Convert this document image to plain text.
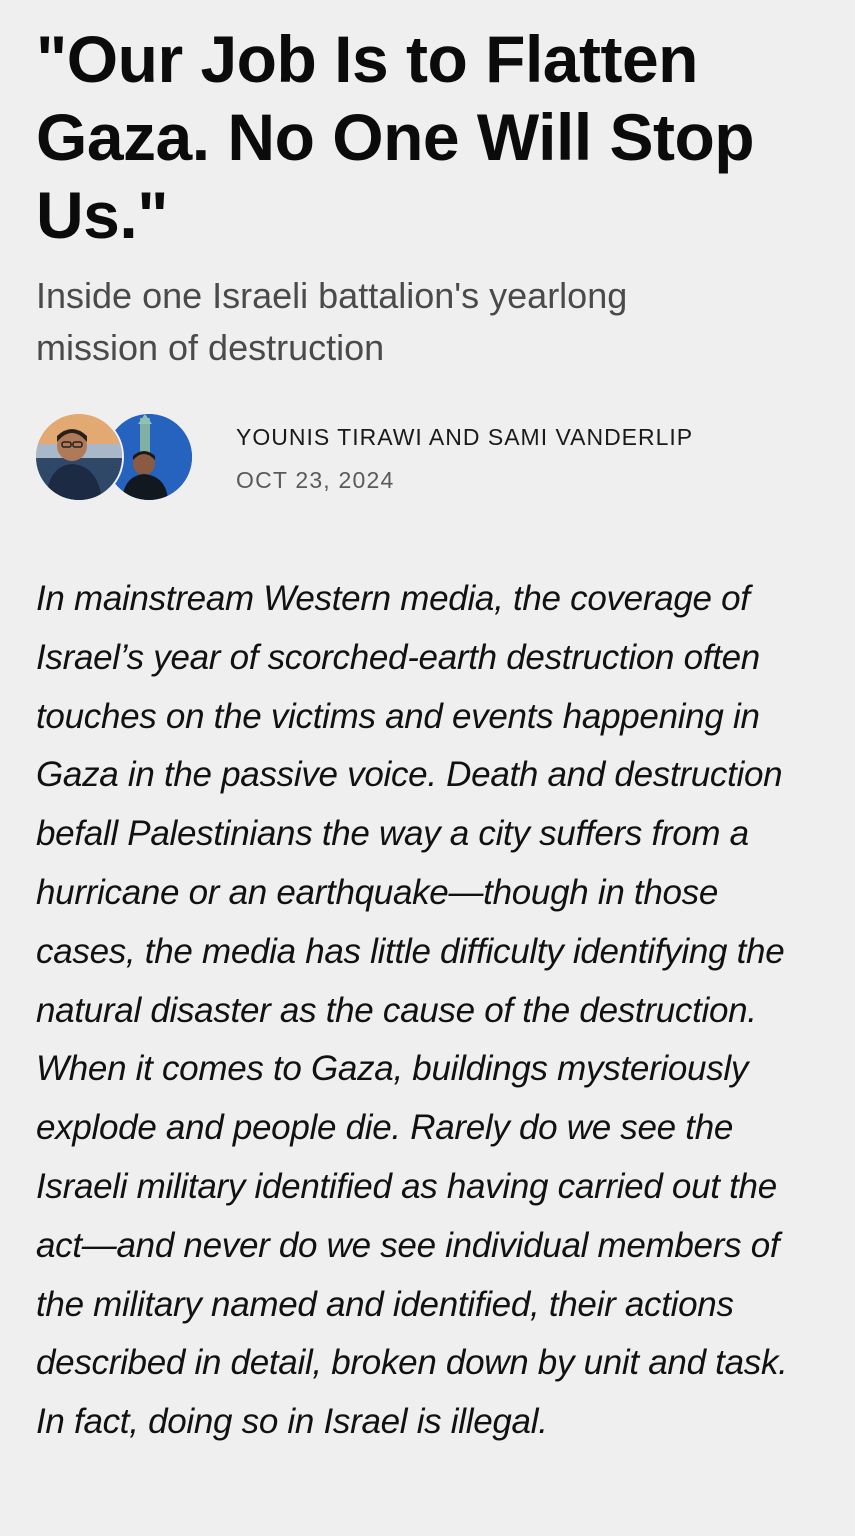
"Our Job Is to Flatten Gaza. No One Will Stop Us."

Inside one Israeli battalion's yearlong mission of destruction

YOUNIS TIRAWI AND SAMI VANDERLIP
OCT 23, 2024

In mainstream Western media, the coverage of Israel’s year of scorched-earth destruction often touches on the victims and events happening in Gaza in the passive voice. Death and destruction befall Palestinians the way a city suffers from a hurricane or an earthquake—though in those cases, the media has little difficulty identifying the natural disaster as the cause of the destruction. When it comes to Gaza, buildings mysteriously explode and people die. Rarely do we see the Israeli military identified as having carried out the act—and never do we see individual members of the military named and identified, their actions described in detail, broken down by unit and task. In fact, doing so in Israel is illegal.
